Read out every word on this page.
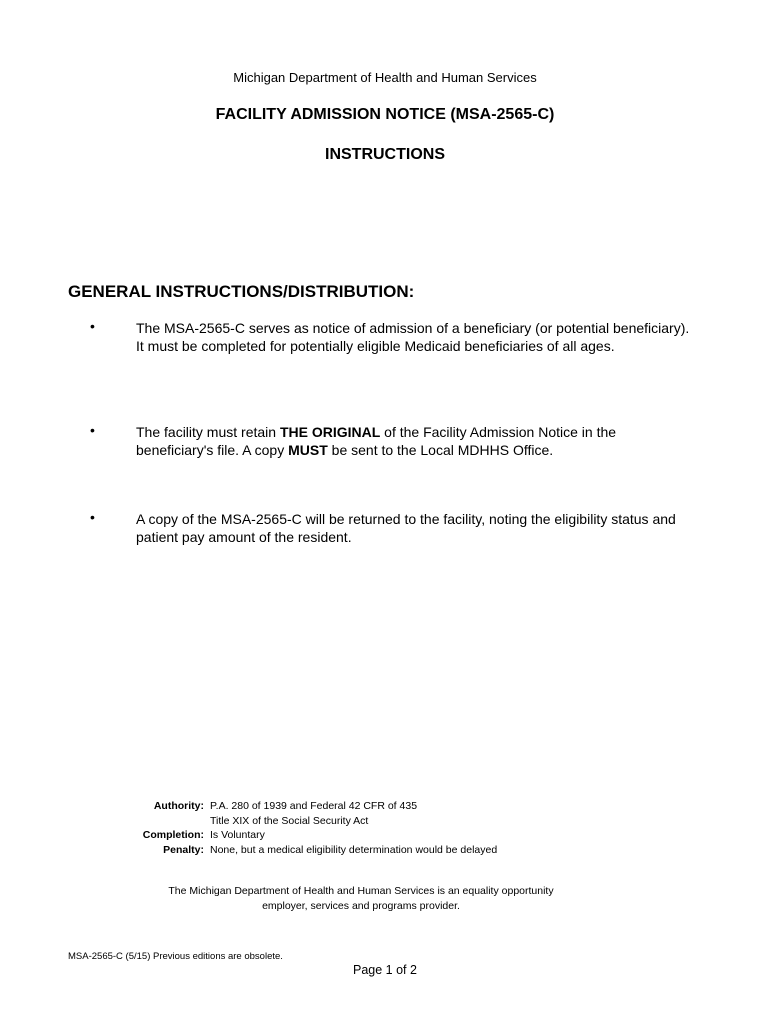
Michigan Department of Health and Human Services
FACILITY ADMISSION NOTICE (MSA-2565-C)
INSTRUCTIONS
GENERAL INSTRUCTIONS/DISTRIBUTION:
•	The MSA-2565-C serves as notice of admission of a beneficiary (or potential beneficiary). It must be completed for potentially eligible Medicaid beneficiaries of all ages.
•	The facility must retain THE ORIGINAL of the Facility Admission Notice in the beneficiary's file. A copy MUST be sent to the Local MDHHS Office.
•	A copy of the MSA-2565-C will be returned to the facility, noting the eligibility status and patient pay amount of the resident.
Authority:	P.A. 280 of 1939 and Federal 42 CFR of 435
	Title XIX of the Social Security Act
Completion:	Is Voluntary
Penalty:	None, but a medical eligibility determination would be delayed
The Michigan Department of Health and Human Services is an equality opportunity
employer, services and programs provider.
MSA-2565-C (5/15) Previous editions are obsolete.
Page 1 of 2
